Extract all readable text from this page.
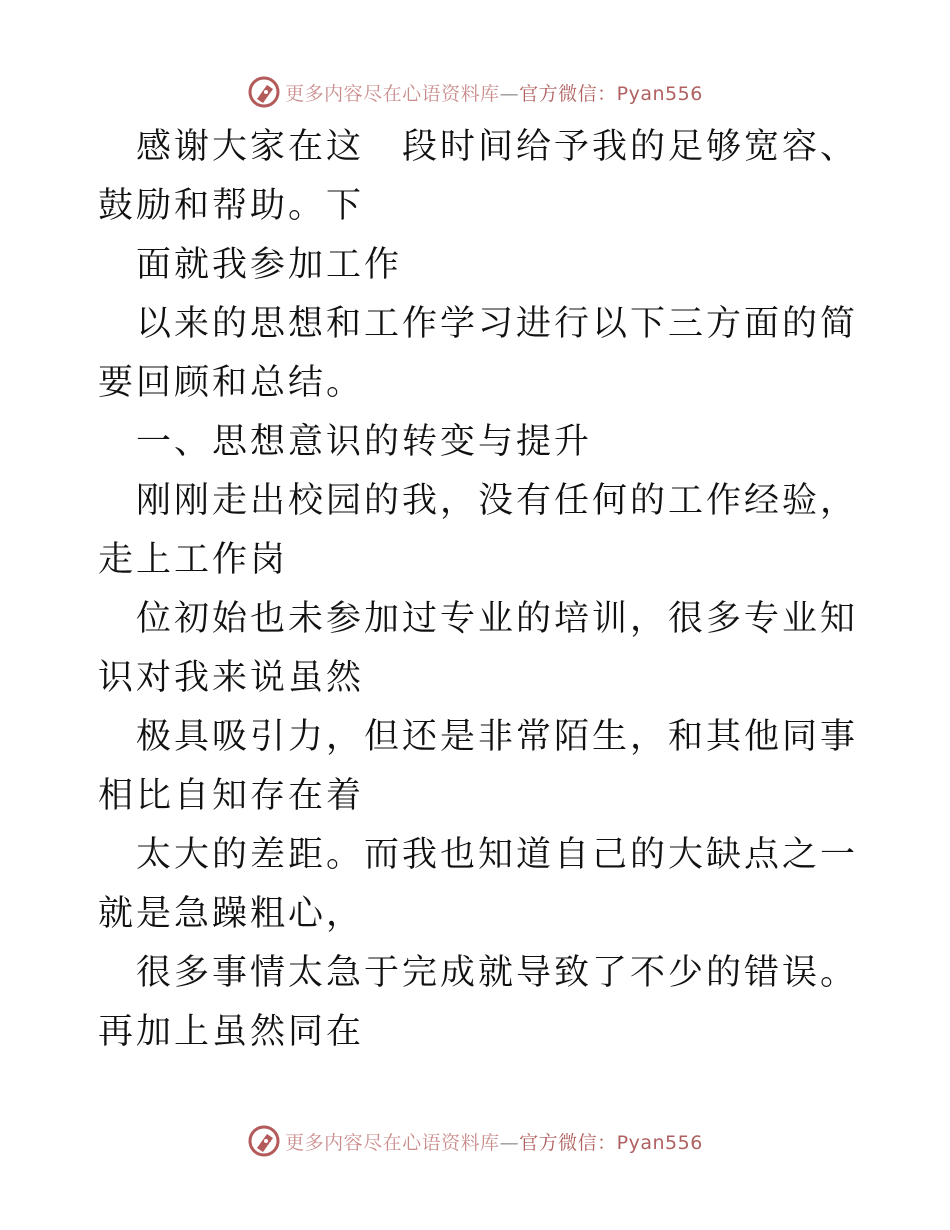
更多内容尽在心语资料库—官方微信：Pyan556

感谢大家在这　段时间给予我的足够宽容、鼓励和帮助。下

面就我参加工作

以来的思想和工作学习进行以下三方面的简要回顾和总结。

一、思想意识的转变与提升

刚刚走出校园的我，没有任何的工作经验，走上工作岗

位初始也未参加过专业的培训，很多专业知识对我来说虽然

极具吸引力，但还是非常陌生，和其他同事相比自知存在着

太大的差距。而我也知道自己的大缺点之一就是急躁粗心，

很多事情太急于完成就导致了不少的错误。再加上虽然同在

更多内容尽在心语资料库—官方微信：Pyan556
